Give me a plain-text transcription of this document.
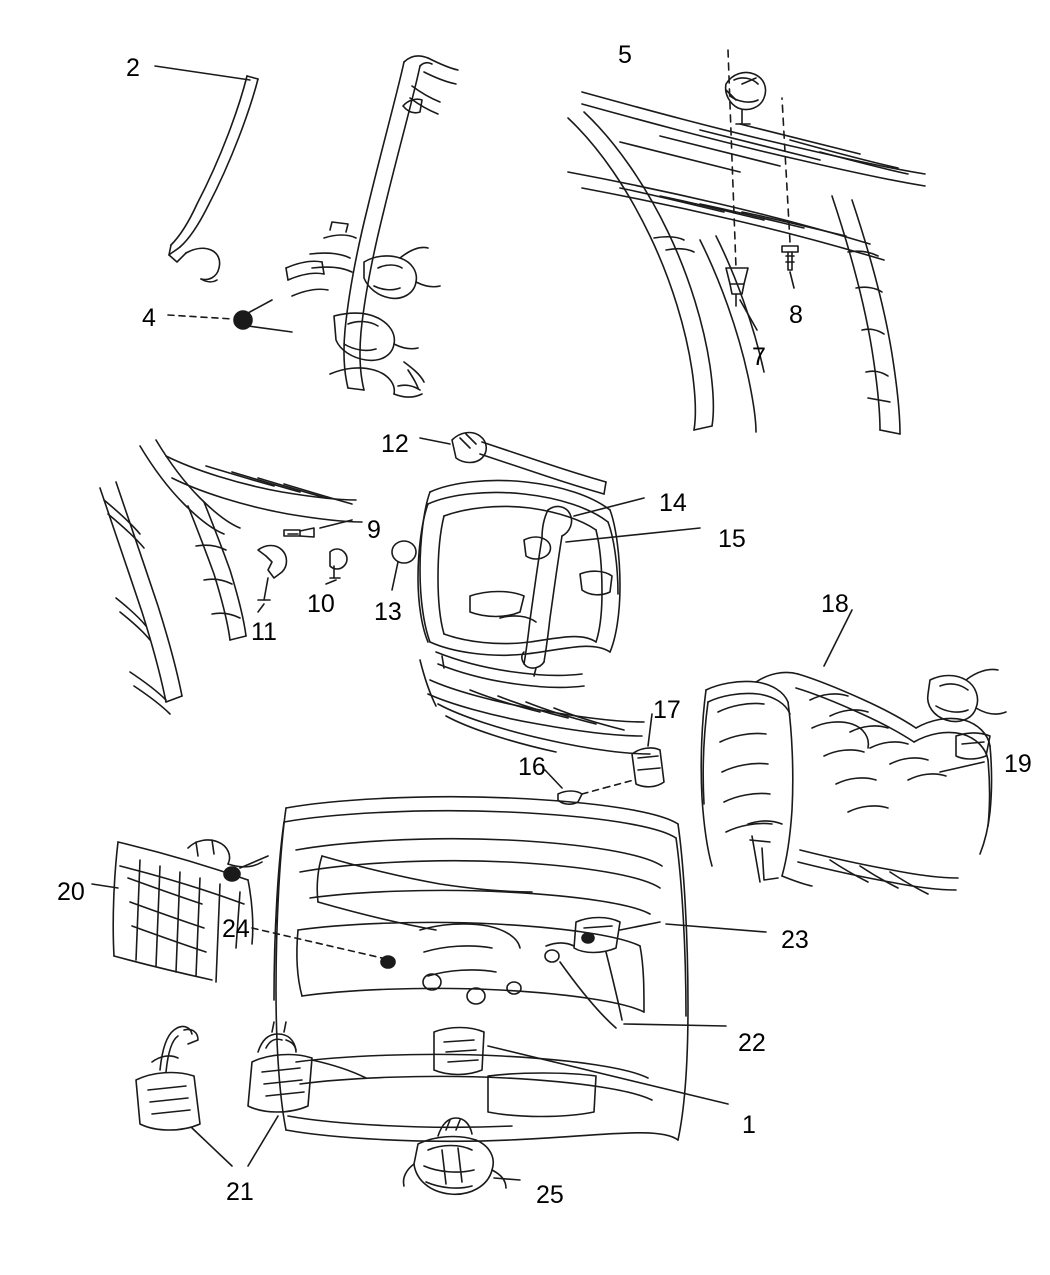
2
4
5
7
8
9
10
11
12
13
14
15
16
17
18
19
20
21
22
23
24
25
1
